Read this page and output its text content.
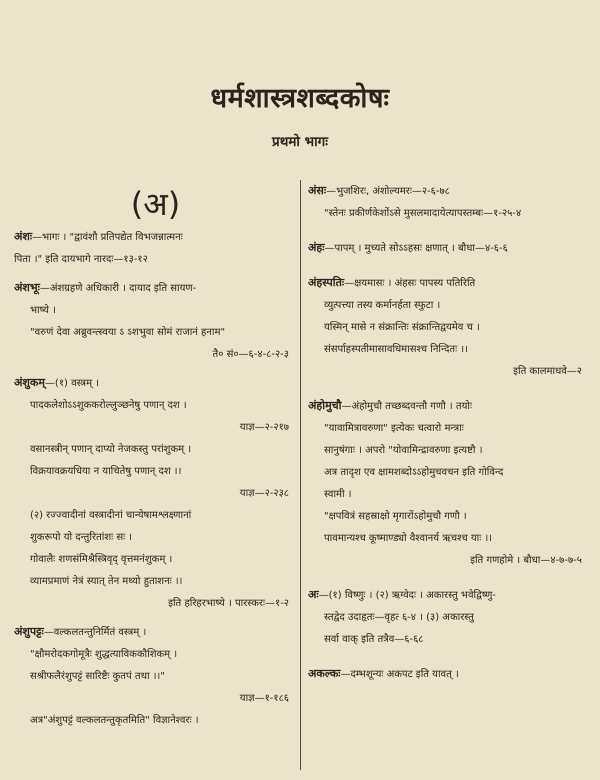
धर्मशास्त्रशब्दकोषः
प्रथमो भागः
(अ)
अंशः—भागः । "द्वावंशौ प्रतिपद्येत विभजन्नात्मनः
पिता ।" इति दायभागे नारदः—१३-१२
अंशभूः—अंशग्रहणे अधिकारी । दायाद इति सायण-
भाष्ये ।
"वरुणं देवा अब्रुवन्त्स्वया ऽ ऽशभुवा सोमं राजानं हनाम"
तै० सं०—६-४-८-२-३
अंशुकम्—(१) वस्त्रम् ।
पादकलेशोऽऽशुककरोल्लुञ्छनेषु पणान् दश ।
याज्ञ—२-२१७
वसानस्त्रीन् पणान् दाप्यो नेजकस्तु परांशुकम् ।
विक्रयावक्रयधिया न याचितेषु पणान् दश ।।
याज्ञ—२-२३८
(२) रज्ज्वादीनां वस्त्रादीनां चान्येषामश्लक्ष्णानां
शुकरूपो यो दन्तुरितांशः सः ।
गोवालैः शणसंमिश्रैस्त्रिवृद् वृत्तमनंशुकम् ।
व्यामप्रमाणं नेत्रं स्यात् तेन मथ्यो हुताशनः ।।
इति हरिहरभाष्ये । पारस्करः—१-२
अंशुपट्टः—वल्कलतन्तुनिर्मितं वस्त्रम् ।
"क्षौमरोदकगोमूत्रैः शुद्धत्याविककौशिकम् ।
सश्रीफलैरंशुपट्टं सारिष्टैः कुतपं तथा ।।"
याज्ञ—१-१८६
अत्र"अंशुपट्टं वल्कलतन्तुकृतमिति" विज्ञानेश्वरः ।
अंसः—भुजशिरः, अंशोल्यमरः—२-६-७८
"स्तेनः प्रकीर्णकेशोंऽसे मुसलमादायेत्यापस्तम्बः—१-२५-४
अंहः—पापम् । मुच्यते सोऽऽहसः क्षणात् । बौधा—४-६-६
अंहस्पतिः—क्षयमासः । अंहसः पापस्य पतिरिति
व्युत्पत्त्या तस्य कर्मानर्हता स्फुटा ।
यस्मिन् मासे न संक्रान्तिः संक्रान्तिद्वयमेव च ।
संसर्पाहस्पतीमासावधिमासश्च निन्दितः ।।
इति कालमाधवे—२
अंहोमुचौ—अंहोमुचौ तच्छब्दवन्तौ गणौ । तयोः
"यावामित्रावरुणा" इत्येकः चत्वारो मन्त्राः
सानुषंगाः । अपरो "योवामिन्द्रावरुणा इत्यष्टौ ।
अत्र तादृश एव क्षामशब्दोऽऽहोमुचवचन इति गोविन्द
स्वामी ।
"क्षपवित्रं सहस्राक्षो मृगारोंऽहोमुचौ गणौ ।
पावमान्यश्च कूष्माण्ड्यो वैश्वानर्य ऋचश्च याः ।।
इति गणहोमे । बौधा—४-७-७-५
अः—(१) विष्णुः । (२) ऋग्वेदः । अकारस्तु भवेद्विष्णु-
स्तद्वेद उदाहृतः—वृहत्‍ ६-४ । (३) अकारस्तु
सर्वा वाक् इति तत्रैव—६-६८
अकल्कः—दम्भशून्यः अकपट इति यावत् ।
